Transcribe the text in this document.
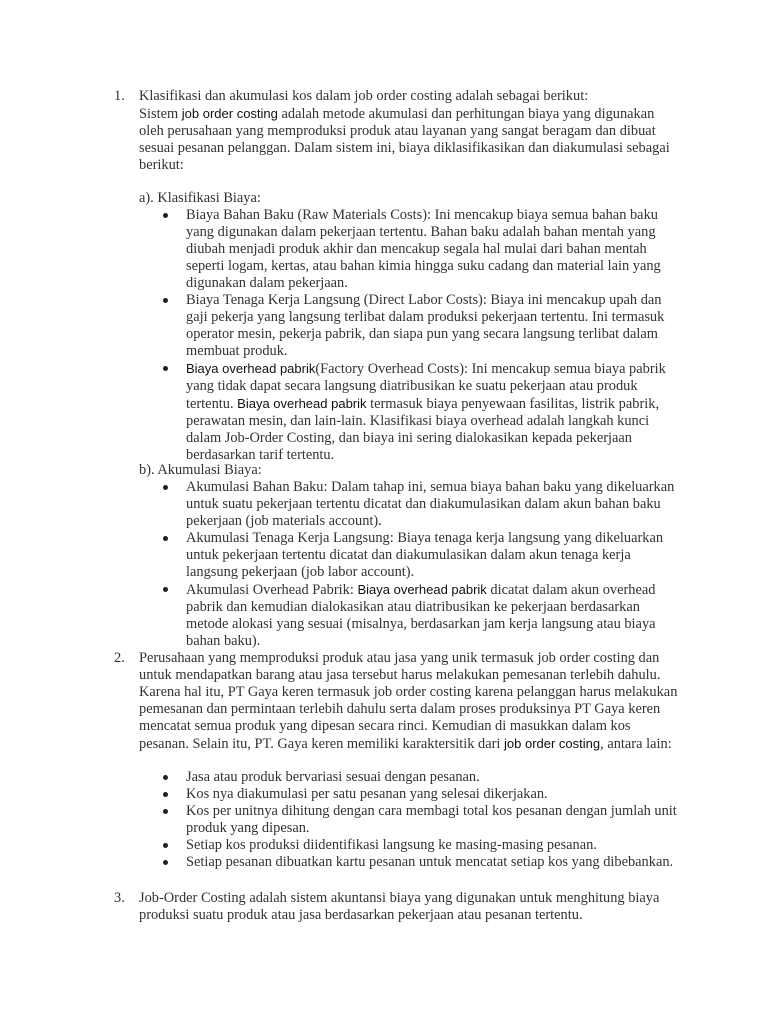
1. Klasifikasi dan akumulasi kos dalam job order costing adalah sebagai berikut:

Sistem job order costing adalah metode akumulasi dan perhitungan biaya yang digunakan oleh perusahaan yang memproduksi produk atau layanan yang sangat beragam dan dibuat sesuai pesanan pelanggan. Dalam sistem ini, biaya diklasifikasikan dan diakumulasi sebagai berikut:

a). Klasifikasi Biaya:
Biaya Bahan Baku (Raw Materials Costs): Ini mencakup biaya semua bahan baku yang digunakan dalam pekerjaan tertentu. Bahan baku adalah bahan mentah yang diubah menjadi produk akhir dan mencakup segala hal mulai dari bahan mentah seperti logam, kertas, atau bahan kimia hingga suku cadang dan material lain yang digunakan dalam pekerjaan.
Biaya Tenaga Kerja Langsung (Direct Labor Costs): Biaya ini mencakup upah dan gaji pekerja yang langsung terlibat dalam produksi pekerjaan tertentu. Ini termasuk operator mesin, pekerja pabrik, dan siapa pun yang secara langsung terlibat dalam membuat produk.
Biaya overhead pabrik(Factory Overhead Costs): Ini mencakup semua biaya pabrik yang tidak dapat secara langsung diatribusikan ke suatu pekerjaan atau produk tertentu. Biaya overhead pabrik termasuk biaya penyewaan fasilitas, listrik pabrik, perawatan mesin, dan lain-lain. Klasifikasi biaya overhead adalah langkah kunci dalam Job-Order Costing, dan biaya ini sering dialokasikan kepada pekerjaan berdasarkan tarif tertentu.
b). Akumulasi Biaya:
Akumulasi Bahan Baku: Dalam tahap ini, semua biaya bahan baku yang dikeluarkan untuk suatu pekerjaan tertentu dicatat dan diakumulasikan dalam akun bahan baku pekerjaan (job materials account).
Akumulasi Tenaga Kerja Langsung: Biaya tenaga kerja langsung yang dikeluarkan untuk pekerjaan tertentu dicatat dan diakumulasikan dalam akun tenaga kerja langsung pekerjaan (job labor account).
Akumulasi Overhead Pabrik: Biaya overhead pabrik dicatat dalam akun overhead pabrik dan kemudian dialokasikan atau diatribusikan ke pekerjaan berdasarkan metode alokasi yang sesuai (misalnya, berdasarkan jam kerja langsung atau biaya bahan baku).
2. Perusahaan yang memproduksi produk atau jasa yang unik termasuk job order costing dan untuk mendapatkan barang atau jasa tersebut harus melakukan pemesanan terlebih dahulu. Karena hal itu, PT Gaya keren termasuk job order costing karena pelanggan harus melakukan pemesanan dan permintaan terlebih dahulu serta dalam proses produksinya PT Gaya keren mencatat semua produk yang dipesan secara rinci. Kemudian di masukkan dalam kos pesanan. Selain itu, PT. Gaya keren memiliki karaktersitik dari job order costing, antara lain:

Jasa atau produk bervariasi sesuai dengan pesanan.
Kos nya diakumulasi per satu pesanan yang selesai dikerjakan.
Kos per unitnya dihitung dengan cara membagi total kos pesanan dengan jumlah unit produk yang dipesan.
Setiap kos produksi diidentifikasi langsung ke masing-masing pesanan.
Setiap pesanan dibuatkan kartu pesanan untuk mencatat setiap kos yang dibebankan.
3. Job-Order Costing adalah sistem akuntansi biaya yang digunakan untuk menghitung biaya produksi suatu produk atau jasa berdasarkan pekerjaan atau pesanan tertentu.
